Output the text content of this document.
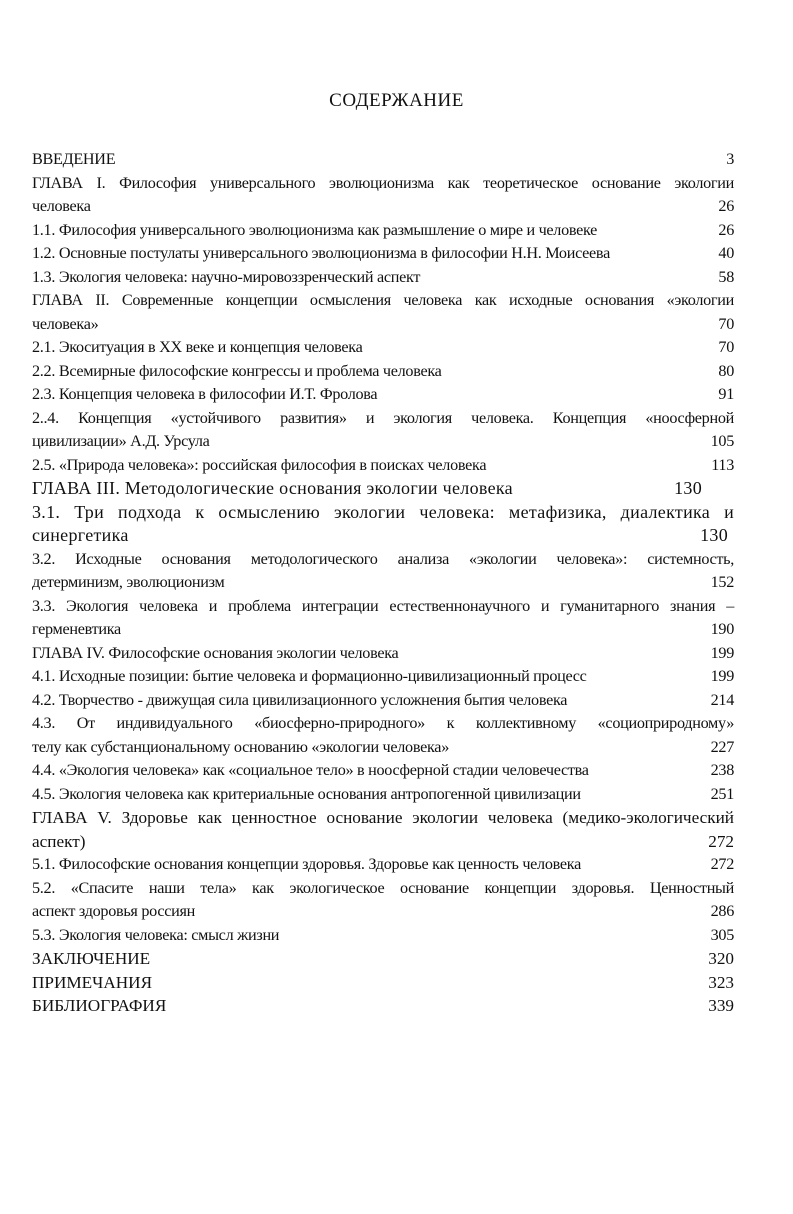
СОДЕРЖАНИЕ
ВВЕДЕНИЕ	3
ГЛАВА I. Философия универсального эволюционизма как теоретическое основание экологии
человека	26
1.1. Философия универсального эволюционизма как размышление о мире и человеке	26
1.2. Основные постулаты универсального эволюционизма в философии Н.Н. Моисеева	40
1.3. Экология человека: научно-мировоззренческий аспект	58
ГЛАВА II. Современные концепции осмысления человека как исходные основания «экологии
человека»	70
2.1. Экоситуация в XX веке и концепция человека	70
2.2. Всемирные философские конгрессы и проблема человека	80
2.3. Концепция человека в философии И.Т. Фролова	91
2..4. Концепция «устойчивого развития» и экология человека. Концепция «ноосферной
цивилизации» А.Д. Урсула	105
2.5. «Природа человека»: российская философия в поисках человека	113
ГЛАВА III. Методологические основания экологии человека	130
3.1. Три подхода к осмыслению экологии человека: метафизика, диалектика и
синергетика	130
3.2. Исходные основания методологического анализа «экологии человека»: системность,
детерминизм, эволюционизм	152
3.3. Экология человека и проблема интеграции естественнонаучного и гуманитарного знания –
герменевтика	190
ГЛАВА IV. Философские основания экологии человека	199
4.1. Исходные позиции: бытие человека и формационно-цивилизационный процесс	199
4.2. Творчество - движущая сила цивилизационного усложнения бытия человека	214
4.3. От индивидуального «биосферно-природного» к коллективному «социоприродному»
телу как субстанциональному основанию «экологии человека»	227
4.4. «Экология человека» как «социальное тело» в ноосферной стадии человечества	238
4.5. Экология человека как критериальные основания антропогенной цивилизации	251
ГЛАВА V. Здоровье как ценностное основание экологии человека (медико-экологический
аспект)	272
5.1. Философские основания концепции здоровья. Здоровье как ценность человека	272
5.2. «Спасите наши тела» как экологическое основание концепции здоровья. Ценностный
аспект здоровья россиян	286
5.3. Экология человека: смысл жизни	305
ЗАКЛЮЧЕНИЕ	320
ПРИМЕЧАНИЯ	323
БИБЛИОГРАФИЯ	339
